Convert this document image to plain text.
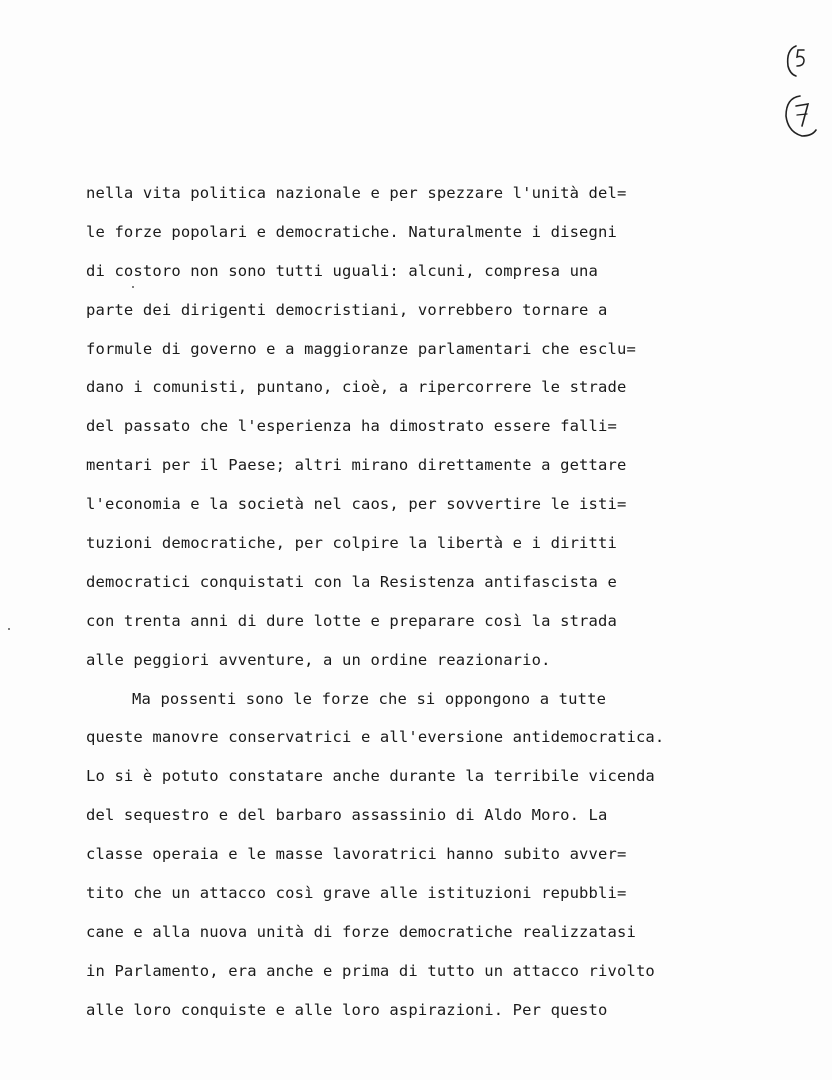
nella vita politica nazionale e per spezzare l'unità del=

le forze popolari e democratiche. Naturalmente i disegni

di costoro non sono tutti uguali: alcuni, compresa una

parte dei dirigenti democristiani, vorrebbero tornare a

formule di governo e a maggioranze parlamentari che esclu=

dano i comunisti, puntano, cioè, a ripercorrere le strade

del passato che l'esperienza ha dimostrato essere falli=

mentari per il Paese; altri mirano direttamente a gettare

l'economia e la società nel caos, per sovvertire le isti=

tuzioni democratiche, per colpire la libertà e i diritti

democratici conquistati con la Resistenza antifascista e

con trenta anni di dure lotte e preparare così la strada

alle peggiori avventure, a un ordine reazionario.

Ma possenti sono le forze che si oppongono a tutte

queste manovre conservatrici e all'eversione antidemocratica.

Lo si è potuto constatare anche durante la terribile vicenda

del sequestro e del barbaro assassinio di Aldo Moro. La

classe operaia e le masse lavoratrici hanno subito avver=

tito che un attacco così grave alle istituzioni repubbli=

cane e alla nuova unità di forze democratiche realizzatasi

in Parlamento, era anche e prima di tutto un attacco rivolto

alle loro conquiste e alle loro aspirazioni. Per questo
